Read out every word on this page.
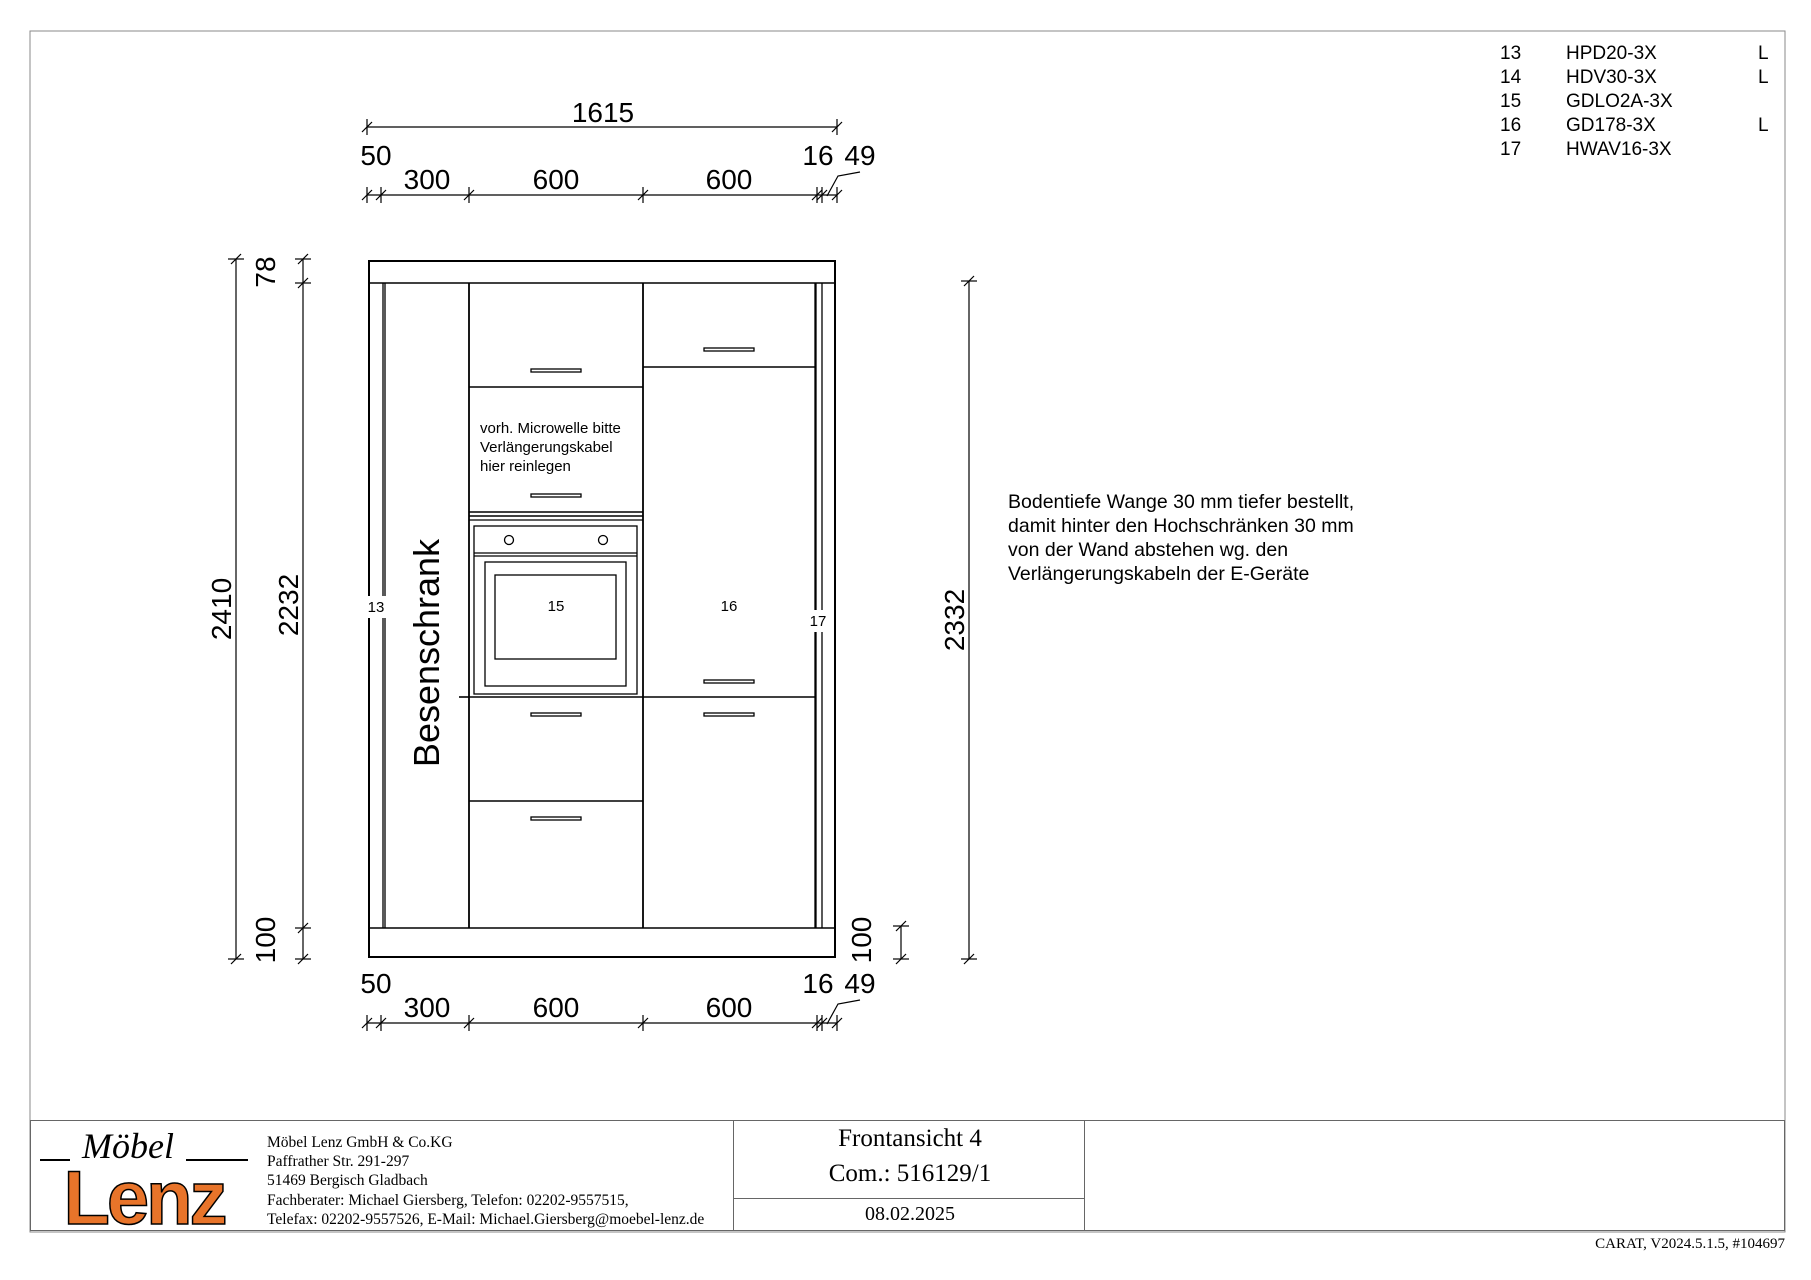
1615
50
300	600	600
16 49
50
300	600	600
16 49
2410 2232
78
100
2332
100
Besenschrank
13	15	16
17
vorh. Microwelle bitte
Verlängerungskabel
hier reinlegen
13 HPD20-3X	L
14 HDV30-3X	L
15 GDLO2A-3X
16 GD178-3X	L
17 HWAV16-3X
Bodentiefe Wange 30 mm tiefer bestellt,
damit hinter den Hochschränken 30 mm
von der Wand abstehen wg. den
Verlängerungskabeln der E-Geräte
Möbel
Lenz
Möbel Lenz GmbH & Co.KG
Paffrather Str. 291-297
51469 Bergisch Gladbach
Fachberater: Michael Giersberg, Telefon: 02202-9557515,
Telefax: 02202-9557526, E-Mail: Michael.Giersberg@moebel-lenz.de
Frontansicht 4
Com.: 516129/1
08.02.2025
CARAT, V2024.5.1.5, #104697
